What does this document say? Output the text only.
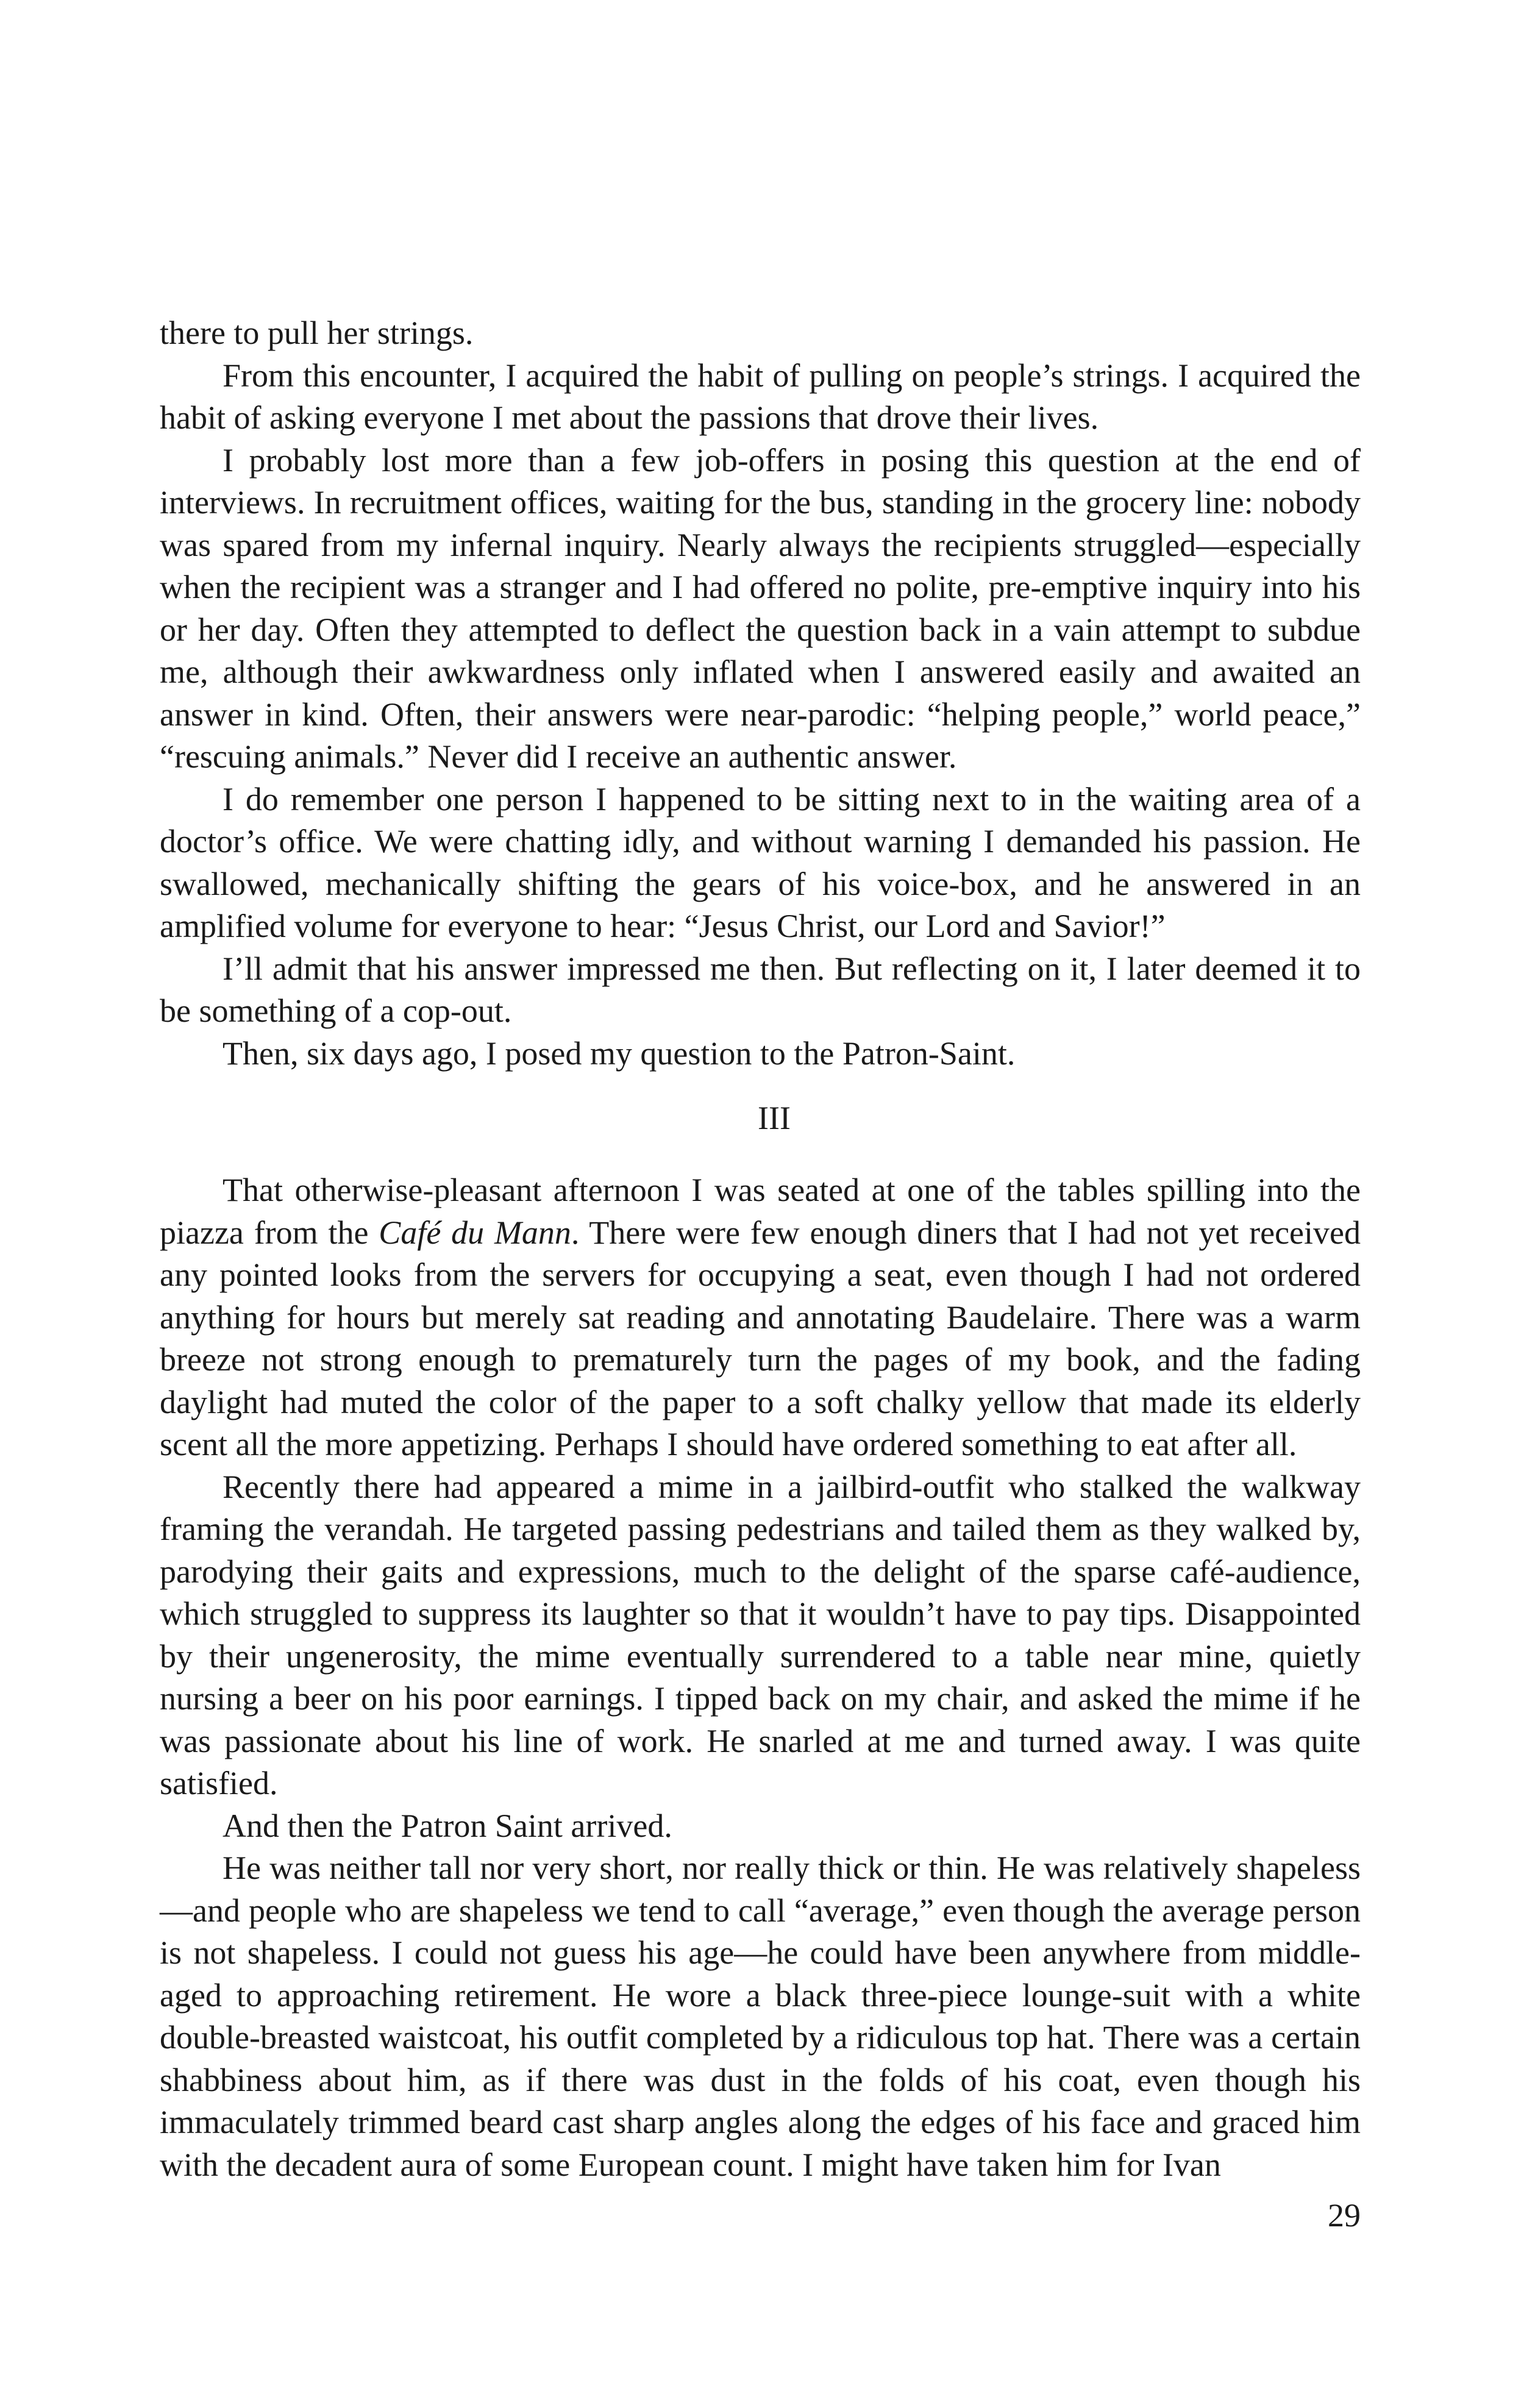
there to pull her strings.

From this encounter, I acquired the habit of pulling on people’s strings. I acquired the habit of asking everyone I met about the passions that drove their lives.

I probably lost more than a few job-offers in posing this question at the end of interviews. In recruitment offices, waiting for the bus, standing in the grocery line: nobody was spared from my infernal inquiry. Nearly always the recipients struggled—especially when the recipient was a stranger and I had offered no polite, pre-emptive inquiry into his or her day. Often they attempted to deflect the question back in a vain attempt to subdue me, although their awkwardness only inflated when I answered easily and awaited an answer in kind. Often, their answers were near-parodic: “helping people,” world peace,” “rescuing animals.” Never did I receive an authentic answer.

I do remember one person I happened to be sitting next to in the waiting area of a doctor’s office. We were chatting idly, and without warning I demanded his passion. He swallowed, mechanically shifting the gears of his voice-box, and he answered in an amplified volume for everyone to hear: “Jesus Christ, our Lord and Savior!”

I’ll admit that his answer impressed me then. But reflecting on it, I later deemed it to be something of a cop-out.

Then, six days ago, I posed my question to the Patron-Saint.

III

That otherwise-pleasant afternoon I was seated at one of the tables spilling into the piazza from the Café du Mann. There were few enough diners that I had not yet received any pointed looks from the servers for occupying a seat, even though I had not ordered anything for hours but merely sat reading and annotating Baudelaire. There was a warm breeze not strong enough to prematurely turn the pages of my book, and the fading daylight had muted the color of the paper to a soft chalky yellow that made its elderly scent all the more appetizing. Perhaps I should have ordered something to eat after all.

Recently there had appeared a mime in a jailbird-outfit who stalked the walkway framing the verandah. He targeted passing pedestrians and tailed them as they walked by, parodying their gaits and expressions, much to the delight of the sparse café-audience, which struggled to suppress its laughter so that it wouldn’t have to pay tips. Disappointed by their ungenerosity, the mime eventually surrendered to a table near mine, quietly nursing a beer on his poor earnings. I tipped back on my chair, and asked the mime if he was passionate about his line of work. He snarled at me and turned away. I was quite satisfied.

And then the Patron Saint arrived.

He was neither tall nor very short, nor really thick or thin. He was relatively shapeless—and people who are shapeless we tend to call “average,” even though the average person is not shapeless. I could not guess his age—he could have been anywhere from middle-aged to approaching retirement. He wore a black three-piece lounge-suit with a white double-breasted waistcoat, his outfit completed by a ridiculous top hat. There was a certain shabbiness about him, as if there was dust in the folds of his coat, even though his immaculately trimmed beard cast sharp angles along the edges of his face and graced him with the decadent aura of some European count. I might have taken him for Ivan

29
